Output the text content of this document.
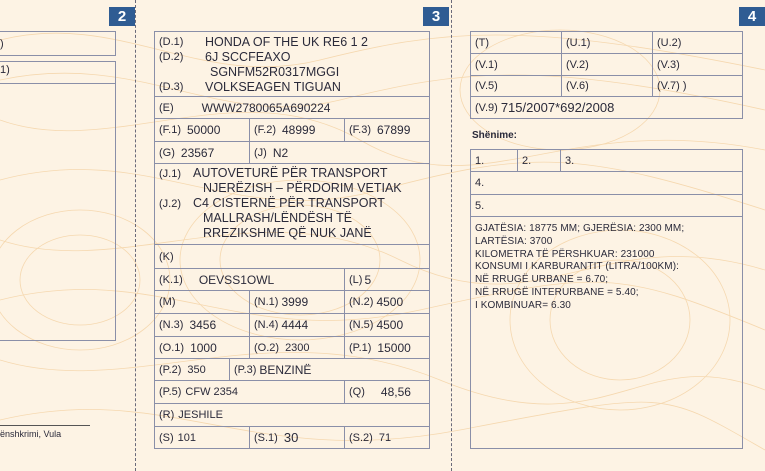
2	3	4
)
1)
ënshkrimi, Vula
(D.1) HONDA OF THE UK RE6 1 2
(D.2) 6J SCCFEAXO
SGNFM52R0317MGGI
(D.3) VOLKSEAGEN TIGUAN
(E) WWW2780065A690224
(F.1) 50000	(F.2) 48999	(F.3) 67899
(G) 23567	(J) N2
(J.1) AUTOVETURË PËR TRANSPORT
NJERËZISH – PËRDORIM VETIAK
(J.2) C4 CISTERNË PËR TRANSPORT
MALLRASH/LËNDËSH TË
RREZIKSHME QË NUK JANË
(K)
(K.1) OEVSS1OWL	(L) 5
(M)	(N.1) 3999	(N.2) 4500
(N.3) 3456	(N.4) 4444	(N.5) 4500
(O.1) 1000	(O.2) 2300	(P.1) 15000
(P.2) 350	(P.3) BENZINË
(P.5) CFW 2354	(Q) 48,56
(R) JESHILE
(S) 101	(S.1) 30	(S.2) 71
(T)	(U.1)	(U.2)
(V.1)	(V.2)	(V.3)
(V.5)	(V.6)	(V.7) )
(V.9) 715/2007*692/2008
Shënime:
1.	2.	3.
4.
5.
GJATËSIA: 18775 MM; GJERËSIA: 2300 MM;
LARTËSIA: 3700
KILOMETRA TË PËRSHKUAR: 231000
KONSUMI I KARBURANTIT (LITRA/100KM):
NË RRUGË URBANE = 6.70;
NË RRUGË INTERURBANE = 5.40;
I KOMBINUAR= 6.30
